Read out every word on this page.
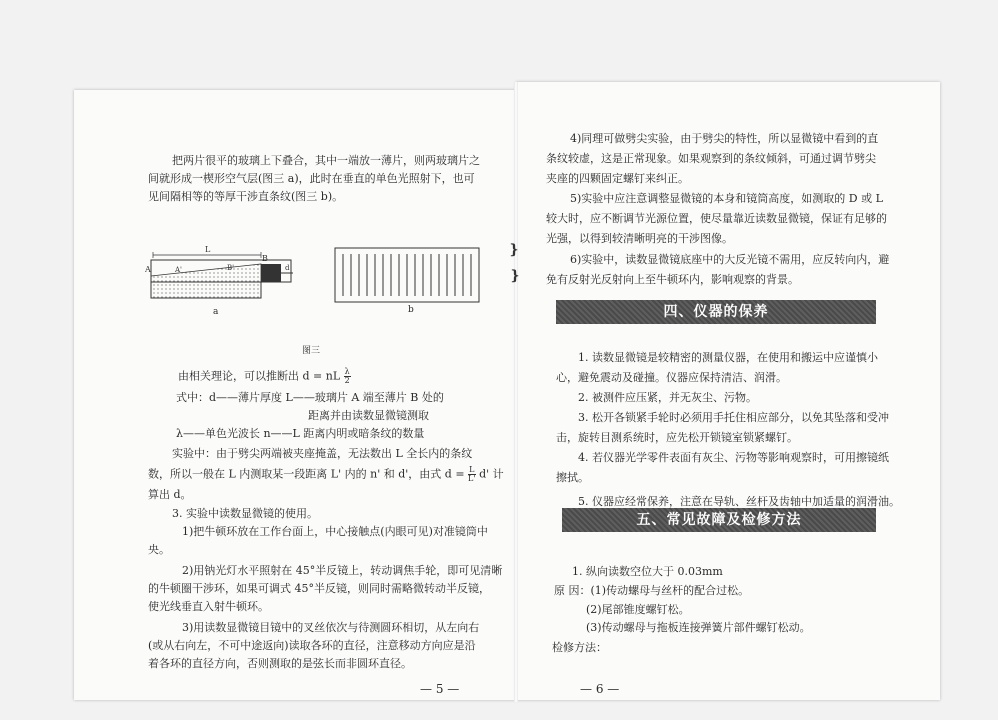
❵
❵
把两片很平的玻璃上下叠合，其中一端放一薄片，则两玻璃片之
间就形成一楔形空气层(图三 a)，此时在垂直的单色光照射下，也可
见间隔相等的等厚干涉直条纹(图三 b)。
L
A
B
A'	B'	d
a	b
图三
由相关理论，可以推断出 d = nL $\frac{\lambda}{2}$
式中：d——薄片厚度 L——玻璃片 A 端至薄片 B 处的
距离并由读数显微镜测取
λ——单色光波长 n——L 距离内明或暗条纹的数量
实验中：由于劈尖两端被夹座掩盖，无法数出 L 全长内的条纹
数，所以一般在 L 内测取某一段距离 L' 内的 n' 和 d'，由式 $d = \frac{L}{L'} d'$ 计
算出 d。
3. 实验中读数显微镜的使用。
1)把牛顿环放在工作台面上，中心接触点(内眼可见)对准镜筒中
央。
2)用钠光灯水平照射在 45°半反镜上，转动调焦手轮，即可见清晰
的牛顿圈干涉环，如果可调式 45°半反镜，则同时需略微转动半反镜，
使光线垂直入射牛顿环。
3)用读数显微镜目镜中的叉丝依次与待测圆环相切，从左向右
(或从右向左，不可中途返向)读取各环的直径，注意移动方向应是沿
着各环的直径方向，否则测取的是弦长而非圆环直径。
— 5 —
4)同理可做劈尖实验，由于劈尖的特性，所以显微镜中看到的直
条纹较虚，这是正常现象。如果观察到的条纹倾斜，可通过调节劈尖
夹座的四颗固定螺钉来纠正。
5)实验中应注意调整显微镜的本身和镜筒高度，如测取的 D 或 L
较大时，应不断调节光源位置，使尽量靠近读数显微镜，保证有足够的
光强，以得到较清晰明亮的干涉图像。
6)实验中，读数显微镜底座中的大反光镜不需用，应反转向内，避
免有反射光反射向上至牛顿环内，影响观察的背景。
四、仪器的保养
1. 读数显微镜是较精密的测量仪器，在使用和搬运中应谨慎小
心，避免震动及碰撞。仪器应保持清洁、润滑。
2. 被测件应压紧，并无灰尘、污物。
3. 松开各锁紧手轮时必须用手托住相应部分，以免其坠落和受冲
击，旋转目测系统时，应先松开锁镜室锁紧螺钉。
4. 若仪器光学零件表面有灰尘、污物等影响观察时，可用擦镜纸
擦拭。
5. 仪器应经常保养，注意在导轨、丝杆及齿轴中加适量的润滑油。
五、常见故障及检修方法
1. 纵向读数空位大于 0.03mm
原 因：(1)传动螺母与丝杆的配合过松。
(2)尾部锥度螺钉松。
(3)传动螺母与拖板连接弹簧片部件螺钉松动。
检修方法：
— 6 —
